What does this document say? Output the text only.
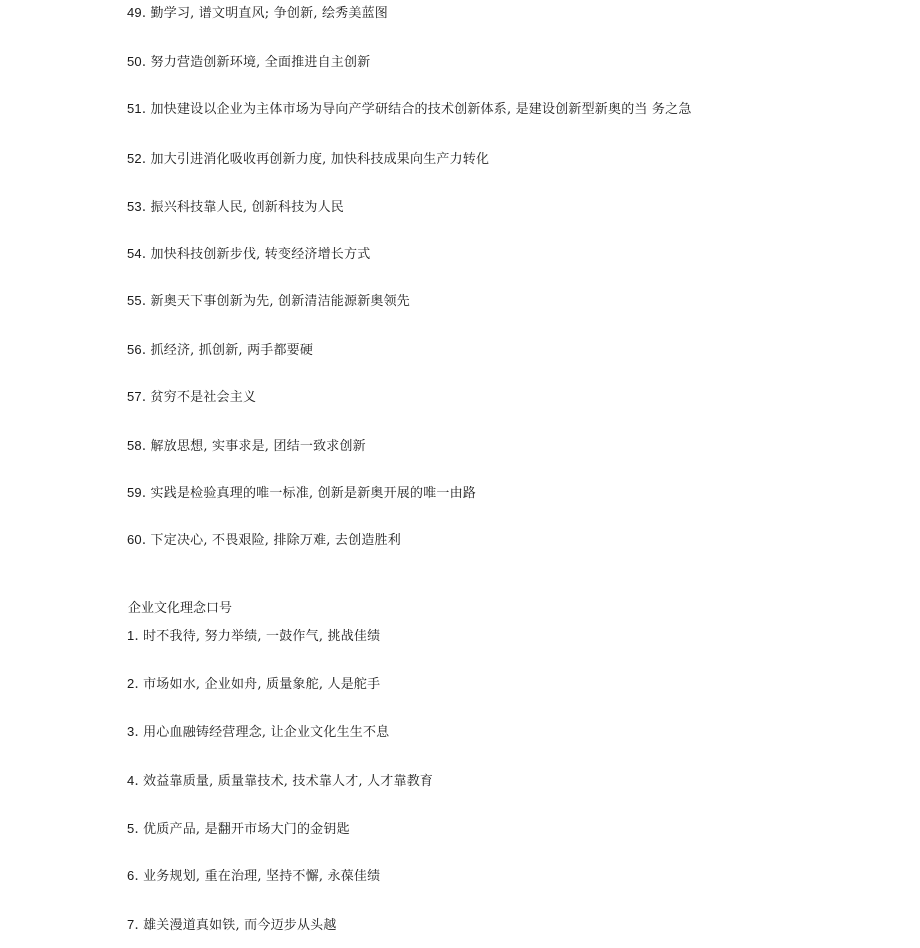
49. 勤学习, 谱文明直风; 争创新, 绘秀美蓝图
50. 努力营造创新环境, 全面推进自主创新
51. 加快建设以企业为主体市场为导向产学研结合的技术创新体系, 是建设创新型新奥的当 务之急
52. 加大引进消化吸收再创新力度, 加快科技成果向生产力转化
53. 振兴科技靠人民, 创新科技为人民
54. 加快科技创新步伐, 转变经济增长方式
55. 新奥天下事创新为先, 创新清洁能源新奥领先
56. 抓经济, 抓创新, 两手都要硬
57. 贫穷不是社会主义
58. 解放思想, 实事求是, 团结一致求创新
59. 实践是检验真理的唯一标准, 创新是新奥开展的唯一由路
60. 下定决心, 不畏艰险, 排除万难, 去创造胜利
企业文化理念口号
1. 时不我待, 努力举绩, 一鼓作气, 挑战佳绩
2. 市场如水, 企业如舟, 质量象舵, 人是舵手
3. 用心血融铸经营理念, 让企业文化生生不息
4. 效益靠质量, 质量靠技术, 技术靠人才, 人才靠教育
5. 优质产品, 是翻开市场大门的金钥匙
6. 业务规划, 重在治理, 坚持不懈, 永葆佳绩
7. 雄关漫道真如铁, 而今迈步从头越
